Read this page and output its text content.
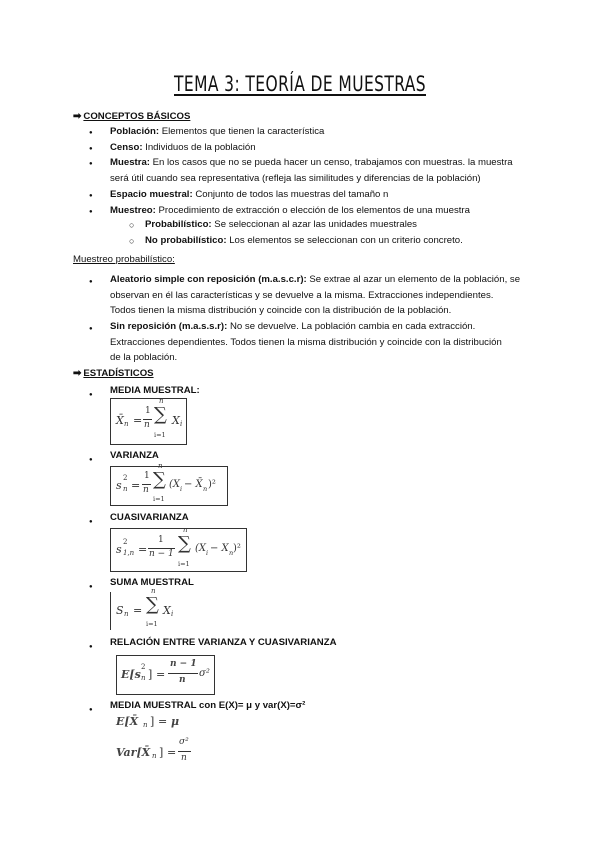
TEMA 3: TEORÍA DE MUESTRAS
➡ CONCEPTOS BÁSICOS
●
Población: Elementos que tienen la característica
●
Censo: Individuos de la población
●
Muestra: En los casos que no se pueda hacer un censo, trabajamos con muestras. la muestra
será útil cuando sea representativa (refleja las similitudes y diferencias de la población)
●
Espacio muestral: Conjunto de todos las muestras del tamaño n
●
Muestreo: Procedimiento de extracción o elección de los elementos de una muestra
○ Probabilístico: Se seleccionan al azar las unidades muestrales
○ No probabilístico: Los elementos se seleccionan con un criterio concreto.
Muestreo probabilístico:
●
Aleatorio simple con reposición (m.a.s.c.r): Se extrae al azar un elemento de la población, se
observan en él las características y se devuelve a la misma. Extracciones independientes.
Todos tienen la misma distribución y coincide con la distribución de la población.
●
Sin reposición (m.a.s.s.r): No se devuelve. La población cambia en cada extracción.
Extracciones dependientes. Todos tienen la misma distribución y coincide con la distribución
de la población.
➡ ESTADÍSTICOS
●
MEDIA MUESTRAL:
X̄ n =
1
n
n
∑
i=1
X i
●
VARIANZA
s
2
n =
1
n
n
∑
i=1
(X i − X̄ n )²
●
CUASIVARIANZA
s
2
1,n =
1
n − 1
n
∑
i=1
(X i − X n )²
●
SUMA MUESTRAL
S n =
n
∑
i=1
X i
●
RELACIÓN ENTRE VARIANZA Y CUASIVARIANZA
E[s
2
n ] =
n − 1
n
σ²
●
MEDIA MUESTRAL con E(X)= μ y var(X)=σ²
E[X̄ n ] = μ
Var[X̄ n ] =
σ²
n
